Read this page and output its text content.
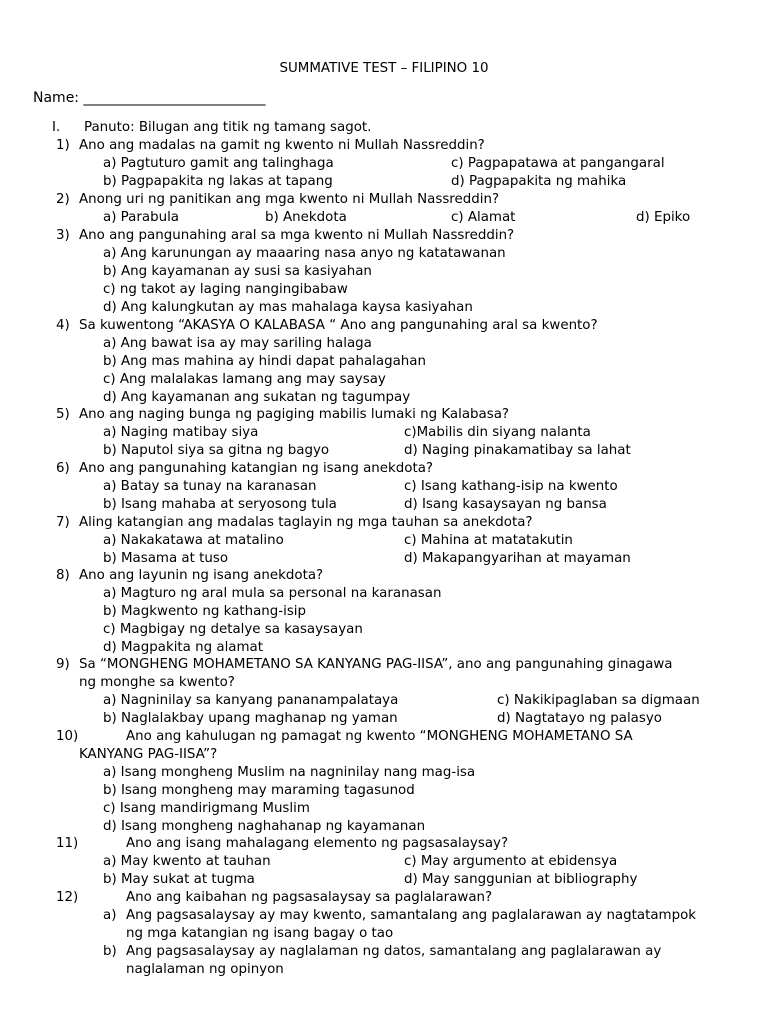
SUMMATIVE TEST – FILIPINO 10
Name: __________________________
I. Panuto: Bilugan ang titik ng tamang sagot.
1) Ano ang madalas na gamit ng kwento ni Mullah Nassreddin?
a) Pagtuturo gamit ang talinghaga	c) Pagpapatawa at pangangaral
b) Pagpapakita ng lakas at tapang	d) Pagpapakita ng mahika
2) Anong uri ng panitikan ang mga kwento ni Mullah Nassreddin?
a) Parabula	b) Anekdota	c) Alamat	d) Epiko
3) Ano ang pangunahing aral sa mga kwento ni Mullah Nassreddin?
a) Ang karunungan ay maaaring nasa anyo ng katatawanan
b) Ang kayamanan ay susi sa kasiyahan
c) ng takot ay laging nangingibabaw
d) Ang kalungkutan ay mas mahalaga kaysa kasiyahan
4) Sa kuwentong “AKASYA O KALABASA “ Ano ang pangunahing aral sa kwento?
a) Ang bawat isa ay may sariling halaga
b) Ang mas mahina ay hindi dapat pahalagahan
c) Ang malalakas lamang ang may saysay
d) Ang kayamanan ang sukatan ng tagumpay
5) Ano ang naging bunga ng pagiging mabilis lumaki ng Kalabasa?
a) Naging matibay siya	c)Mabilis din siyang nalanta
b) Naputol siya sa gitna ng bagyo	d) Naging pinakamatibay sa lahat
6) Ano ang pangunahing katangian ng isang anekdota?
a) Batay sa tunay na karanasan	c) Isang kathang-isip na kwento
b) Isang mahaba at seryosong tula	d) Isang kasaysayan ng bansa
7) Aling katangian ang madalas taglayin ng mga tauhan sa anekdota?
a) Nakakatawa at matalino	c) Mahina at matatakutin
b) Masama at tuso	d) Makapangyarihan at mayaman
8) Ano ang layunin ng isang anekdota?
a) Magturo ng aral mula sa personal na karanasan
b) Magkwento ng kathang-isip
c) Magbigay ng detalye sa kasaysayan
d) Magpakita ng alamat
9) Sa “MONGHENG MOHAMETANO SA KANYANG PAG-IISA”, ano ang pangunahing ginagawa
ng monghe sa kwento?
a) Nagninilay sa kanyang pananampalataya	c) Nakikipaglaban sa digmaan
b) Naglalakbay upang maghanap ng yaman	d) Nagtatayo ng palasyo
10)	Ano ang kahulugan ng pamagat ng kwento “MONGHENG MOHAMETANO SA
KANYANG PAG-IISA”?
a) Isang mongheng Muslim na nagninilay nang mag-isa
b) Isang mongheng may maraming tagasunod
c) Isang mandirigmang Muslim
d) Isang mongheng naghahanap ng kayamanan
11)	Ano ang isang mahalagang elemento ng pagsasalaysay?
a) May kwento at tauhan	c) May argumento at ebidensya
b) May sukat at tugma	d) May sanggunian at bibliography
12)	Ano ang kaibahan ng pagsasalaysay sa paglalarawan?
a) Ang pagsasalaysay ay may kwento, samantalang ang paglalarawan ay nagtatampok
ng mga katangian ng isang bagay o tao
b) Ang pagsasalaysay ay naglalaman ng datos, samantalang ang paglalarawan ay
naglalaman ng opinyon
